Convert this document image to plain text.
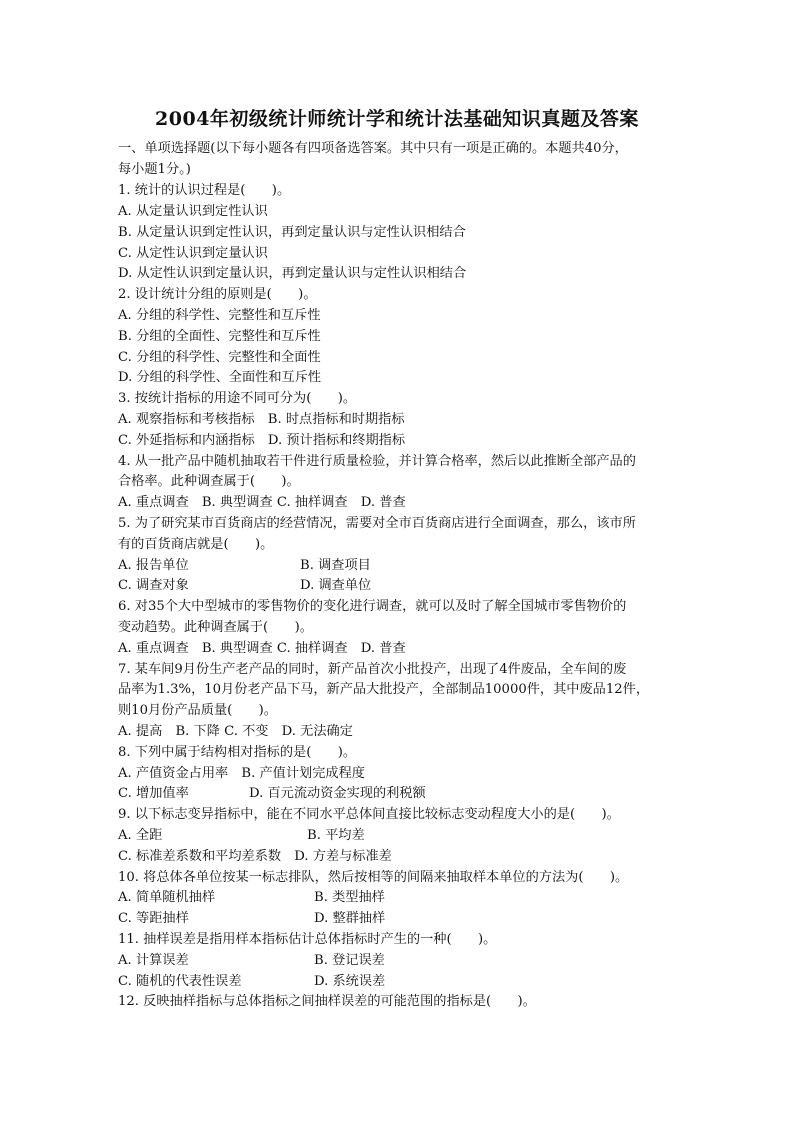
2004年初级统计师统计学和统计法基础知识真题及答案
一、单项选择题(以下每小题各有四项备选答案。其中只有一项是正确的。本题共40分，
每小题1分。)
1. 统计的认识过程是(　　)。
A. 从定量认识到定性认识
B. 从定量认识到定性认识，再到定量认识与定性认识相结合
C. 从定性认识到定量认识
D. 从定性认识到定量认识，再到定量认识与定性认识相结合
2. 设计统计分组的原则是(　　)。
A. 分组的科学性、完整性和互斥性
B. 分组的全面性、完整性和互斥性
C. 分组的科学性、完整性和全面性
D. 分组的科学性、全面性和互斥性
3. 按统计指标的用途不同可分为(　　)。
A. 观察指标和考核指标　B. 时点指标和时期指标
C. 外延指标和内涵指标　D. 预计指标和终期指标
4. 从一批产品中随机抽取若干件进行质量检验，并计算合格率，然后以此推断全部产品的
合格率。此种调查属于(　　)。
A. 重点调查　B. 典型调查 C. 抽样调查　D. 普查
5. 为了研究某市百货商店的经营情况，需要对全市百货商店进行全面调查，那么，该市所
有的百货商店就是(　　)。
A. 报告单位	B. 调查项目
C. 调查对象	D. 调查单位
6. 对35个大中型城市的零售物价的变化进行调查，就可以及时了解全国城市零售物价的
变动趋势。此种调查属于(　　)。
A. 重点调查　B. 典型调查 C. 抽样调查　D. 普查
7. 某车间9月份生产老产品的同时，新产品首次小批投产，出现了4件废品，全车间的废
品率为1.3%，10月份老产品下马，新产品大批投产，全部制品10000件，其中废品12件，
则10月份产品质量(　　)。
A. 提高　B. 下降 C. 不变　D. 无法确定
8. 下列中属于结构相对指标的是(　　)。
A. 产值资金占用率　B. 产值计划完成程度
C. 增加值率	D. 百元流动资金实现的利税额
9. 以下标志变异指标中，能在不同水平总体间直接比较标志变动程度大小的是(　　)。
A. 全距	B. 平均差
C. 标准差系数和平均差系数　D. 方差与标准差
10. 将总体各单位按某一标志排队，然后按相等的间隔来抽取样本单位的方法为(　　)。
A. 简单随机抽样	B. 类型抽样
C. 等距抽样	D. 整群抽样
11. 抽样误差是指用样本指标估计总体指标时产生的一种(　　)。
A. 计算误差	B. 登记误差
C. 随机的代表性误差	D. 系统误差
12. 反映抽样指标与总体指标之间抽样误差的可能范围的指标是(　　)。
